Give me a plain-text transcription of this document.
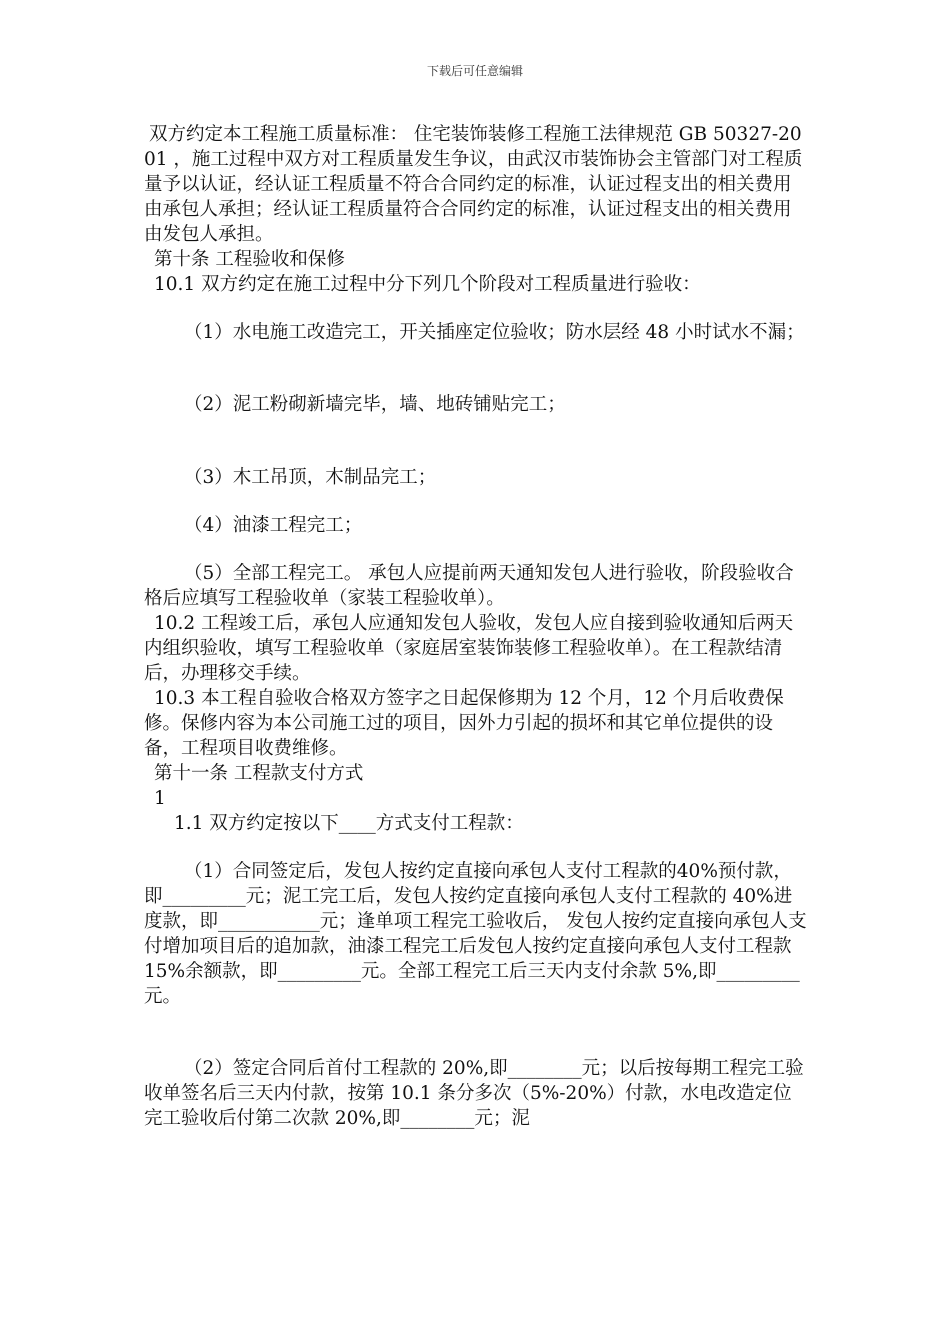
下载后可任意编辑

双方约定本工程施工质量标准： 住宅装饰装修工程施工法律规范 GB 50327-2001 ，施工过程中双方对工程质量发生争议，由武汉市装饰协会主管部门对工程质量予以认证，经认证工程质量不符合合同约定的标准，认证过程支出的相关费用由承包人承担；经认证工程质量符合合同约定的标准，认证过程支出的相关费用由发包人承担。

第十条 工程验收和保修

10.1 双方约定在施工过程中分下列几个阶段对工程质量进行验收：

（1）水电施工改造完工，开关插座定位验收；防水层经 48 小时试水不漏；

（2）泥工粉砌新墙完毕，墙、地砖铺贴完工；

（3）木工吊顶，木制品完工；

（4）油漆工程完工；

（5）全部工程完工。 承包人应提前两天通知发包人进行验收，阶段验收合格后应填写工程验收单（家装工程验收单）。

10.2 工程竣工后，承包人应通知发包人验收，发包人应自接到验收通知后两天内组织验收，填写工程验收单（家庭居室装饰装修工程验收单）。在工程款结清后，办理移交手续。

10.3 本工程自验收合格双方签字之日起保修期为 12 个月，12 个月后收费保修。保修内容为本公司施工过的项目，因外力引起的损坏和其它单位提供的设备，工程项目收费维修。

第十一条 工程款支付方式

1

1.1 双方约定按以下____方式支付工程款：

（1）合同签定后，发包人按约定直接向承包人支付工程款的40%预付款，即_________元；泥工完工后，发包人按约定直接向承包人支付工程款的 40%进度款，即___________元；逢单项工程完工验收后， 发包人按约定直接向承包人支付增加项目后的追加款，油漆工程完工后发包人按约定直接向承包人支付工程款 15%余额款，即_________元。全部工程完工后三天内支付余款 5%,即_________元。

（2）签定合同后首付工程款的 20%,即________元；以后按每期工程完工验收单签名后三天内付款，按第 10.1 条分多次（5%-20%）付款，水电改造定位完工验收后付第二次款 20%,即________元；泥
